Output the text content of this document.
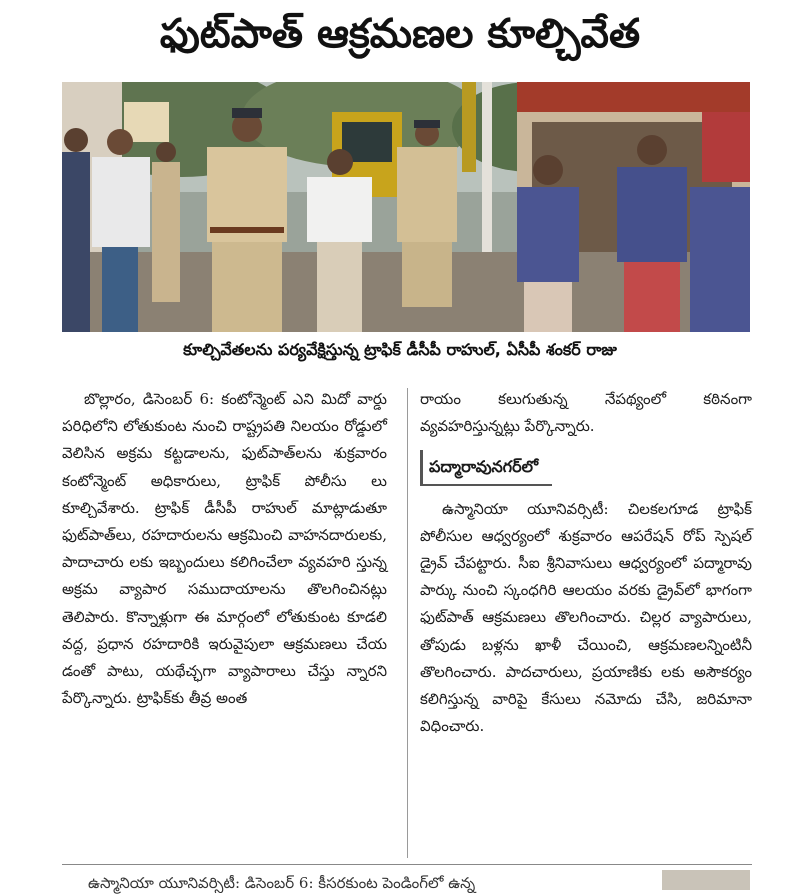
ఫుట్‌పాత్ ఆక్రమణల కూల్చివేత
కూల్చివేతలను పర్యవేక్షిస్తున్న ట్రాఫిక్ డీసీపీ రాహుల్, ఏసీపీ శంకర్ రాజు

బొల్లారం, డిసెంబర్ 6: కంటోన్మెంట్ ఎని మిదో వార్డు పరిధిలోని లోతుకుంట నుంచి రాష్ట్రపతి నిలయం రోడ్డులో వెలిసిన అక్రమ కట్టడాలను, ఫుట్‌పాత్‌లను శుక్రవారం కంటోన్మెంట్ అధికారులు, ట్రాఫిక్ పోలీసు లు కూల్చివేశారు. ట్రాఫిక్ డీసీపీ రాహుల్ మాట్లాడుతూ ఫుట్‌పాత్‌లు, రహదారులను ఆక్రమించి వాహనదారులకు, పాదాచారు లకు ఇబ్బందులు కలిగించేలా వ్యవహరి స్తున్న అక్రమ వ్యాపార సముదాయాలను తొలగించినట్లు తెలిపారు. కొన్నాళ్లుగా ఈ మార్గంలో లోతుకుంట కూడలి వద్ద, ప్రధాన రహదారికి ఇరువైపులా ఆక్రమణలు చేయ డంతో పాటు, యథేచ్ఛగా వ్యాపారాలు చేస్తు న్నారని పేర్కొన్నారు. ట్రాఫిక్‌కు తీవ్ర అంత

రాయం కలుగుతున్న నేపథ్యంలో కఠినంగా వ్యవహరిస్తున్నట్లు పేర్కొన్నారు.

పద్మారావునగర్‌లో

ఉస్మానియా యూనివర్సిటీ: చిలకలగూడ ట్రాఫిక్ పోలీసుల ఆధ్వర్యంలో శుక్రవారం ఆపరేషన్ రోప్ స్పెషల్ డ్రైవ్ చేపట్టారు. సీఐ శ్రీనివాసులు ఆధ్వర్యంలో పద్మారావు పార్కు నుంచి స్కంధగిరి ఆలయం వరకు డ్రైవ్‌లో భాగంగా ఫుట్‌పాత్ ఆక్రమణలు తొలగించారు. చిల్లర వ్యాపారులు, తోపుడు బళ్లను ఖాళీ చేయించి, ఆక్రమణలన్నింటినీ తొలగించారు. పాదచారులు, ప్రయాణికు లకు అసౌకర్యం కలిగిస్తున్న వారిపై కేసులు నమోదు చేసి, జరిమానా విధించారు.

ఉస్మానియా యూనివర్సిటీ: డిసెంబర్ 6: కీసరకుంట పెండింగ్‌లో ఉన్న
